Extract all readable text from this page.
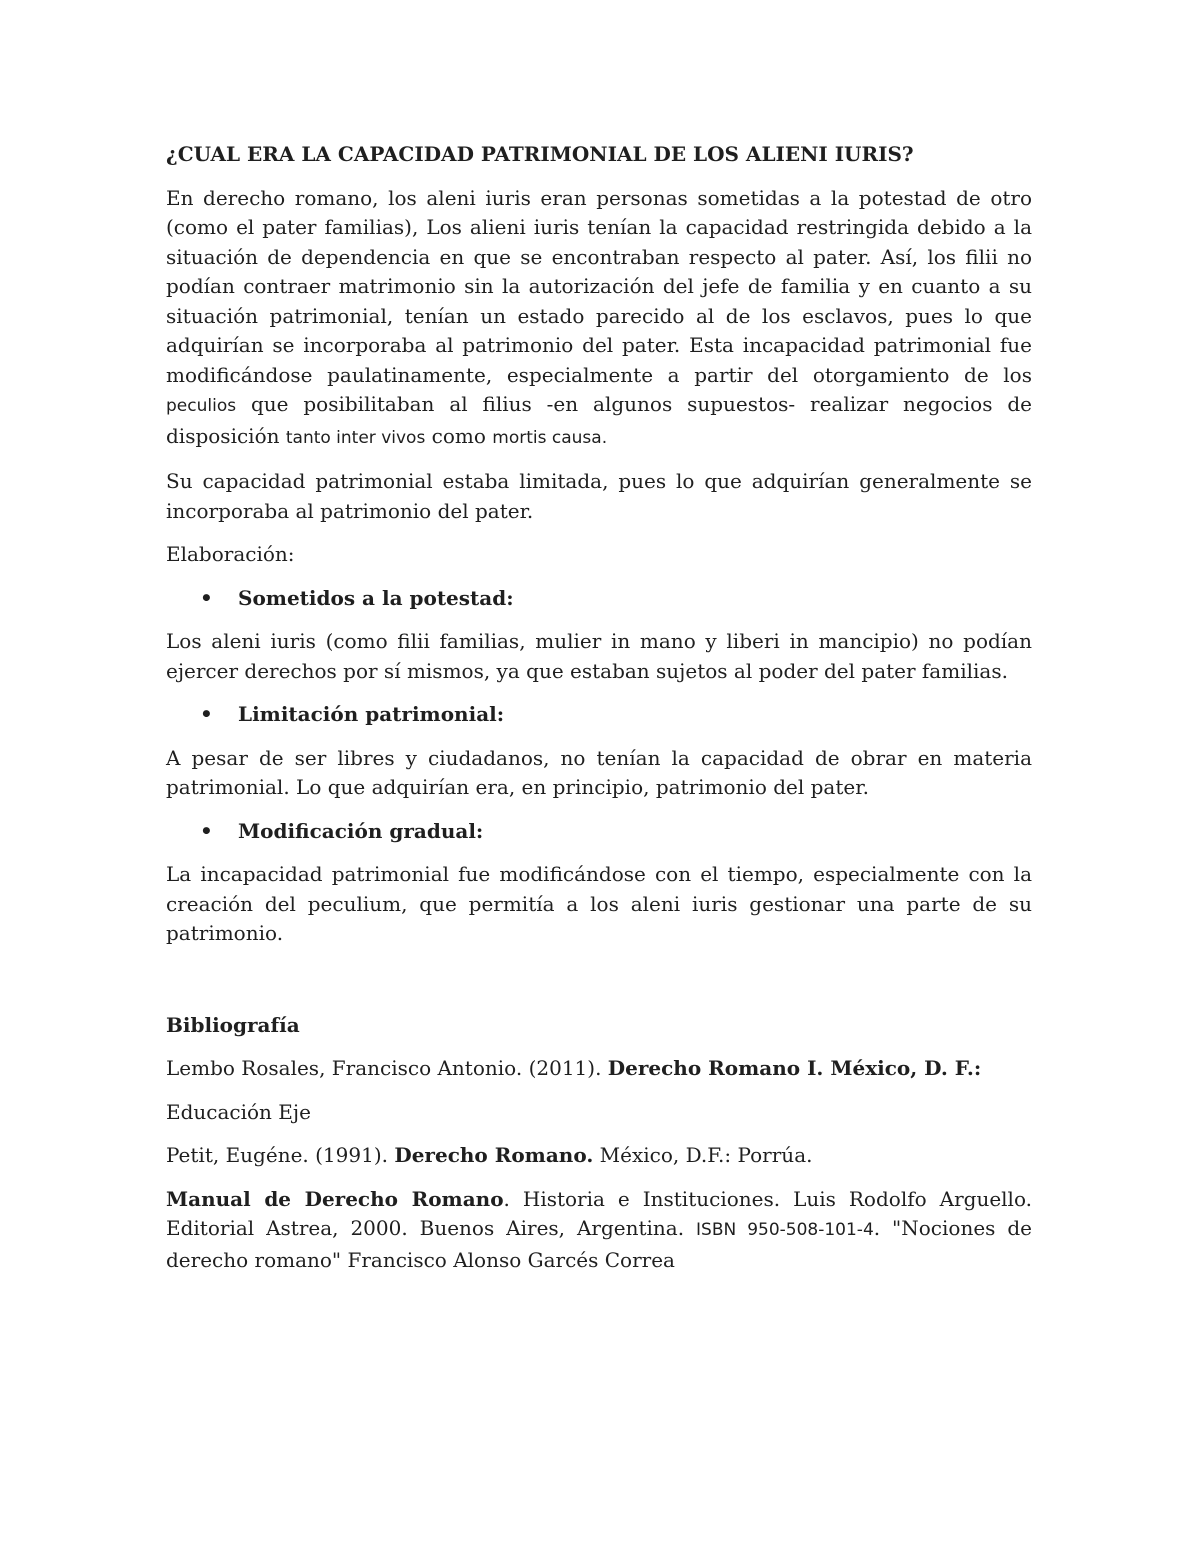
¿CUAL ERA LA CAPACIDAD PATRIMONIAL DE LOS ALIENI IURIS?

En derecho romano, los aleni iuris eran personas sometidas a la potestad de otro (como el pater familias), Los alieni iuris tenían la capacidad restringida debido a la situación de dependencia en que se encontraban respecto al pater. Así, los filii no podían contraer matrimonio sin la autorización del jefe de familia y en cuanto a su situación patrimonial, tenían un estado parecido al de los esclavos, pues lo que adquirían se incorporaba al patrimonio del pater. Esta incapacidad patrimonial fue modificándose paulatinamente, especialmente a partir del otorgamiento de los peculios que posibilitaban al filius -en algunos supuestos- realizar negocios de disposición tanto inter vivos como mortis causa.

Su capacidad patrimonial estaba limitada, pues lo que adquirían generalmente se incorporaba al patrimonio del pater.

Elaboración:

• Sometidos a la potestad:

Los aleni iuris (como filii familias, mulier in mano y liberi in mancipio) no podían ejercer derechos por sí mismos, ya que estaban sujetos al poder del pater familias.

• Limitación patrimonial:

A pesar de ser libres y ciudadanos, no tenían la capacidad de obrar en materia patrimonial. Lo que adquirían era, en principio, patrimonio del pater.

• Modificación gradual:

La incapacidad patrimonial fue modificándose con el tiempo, especialmente con la creación del peculium, que permitía a los aleni iuris gestionar una parte de su patrimonio.

Bibliografía

Lembo Rosales, Francisco Antonio. (2011). Derecho Romano I. México, D. F.:

Educación Eje

Petit, Eugéne. (1991). Derecho Romano. México, D.F.: Porrúa.

Manual de Derecho Romano. Historia e Instituciones. Luis Rodolfo Arguello. Editorial Astrea, 2000. Buenos Aires, Argentina. ISBN 950-508-101-4. "Nociones de derecho romano" Francisco Alonso Garcés Correa
